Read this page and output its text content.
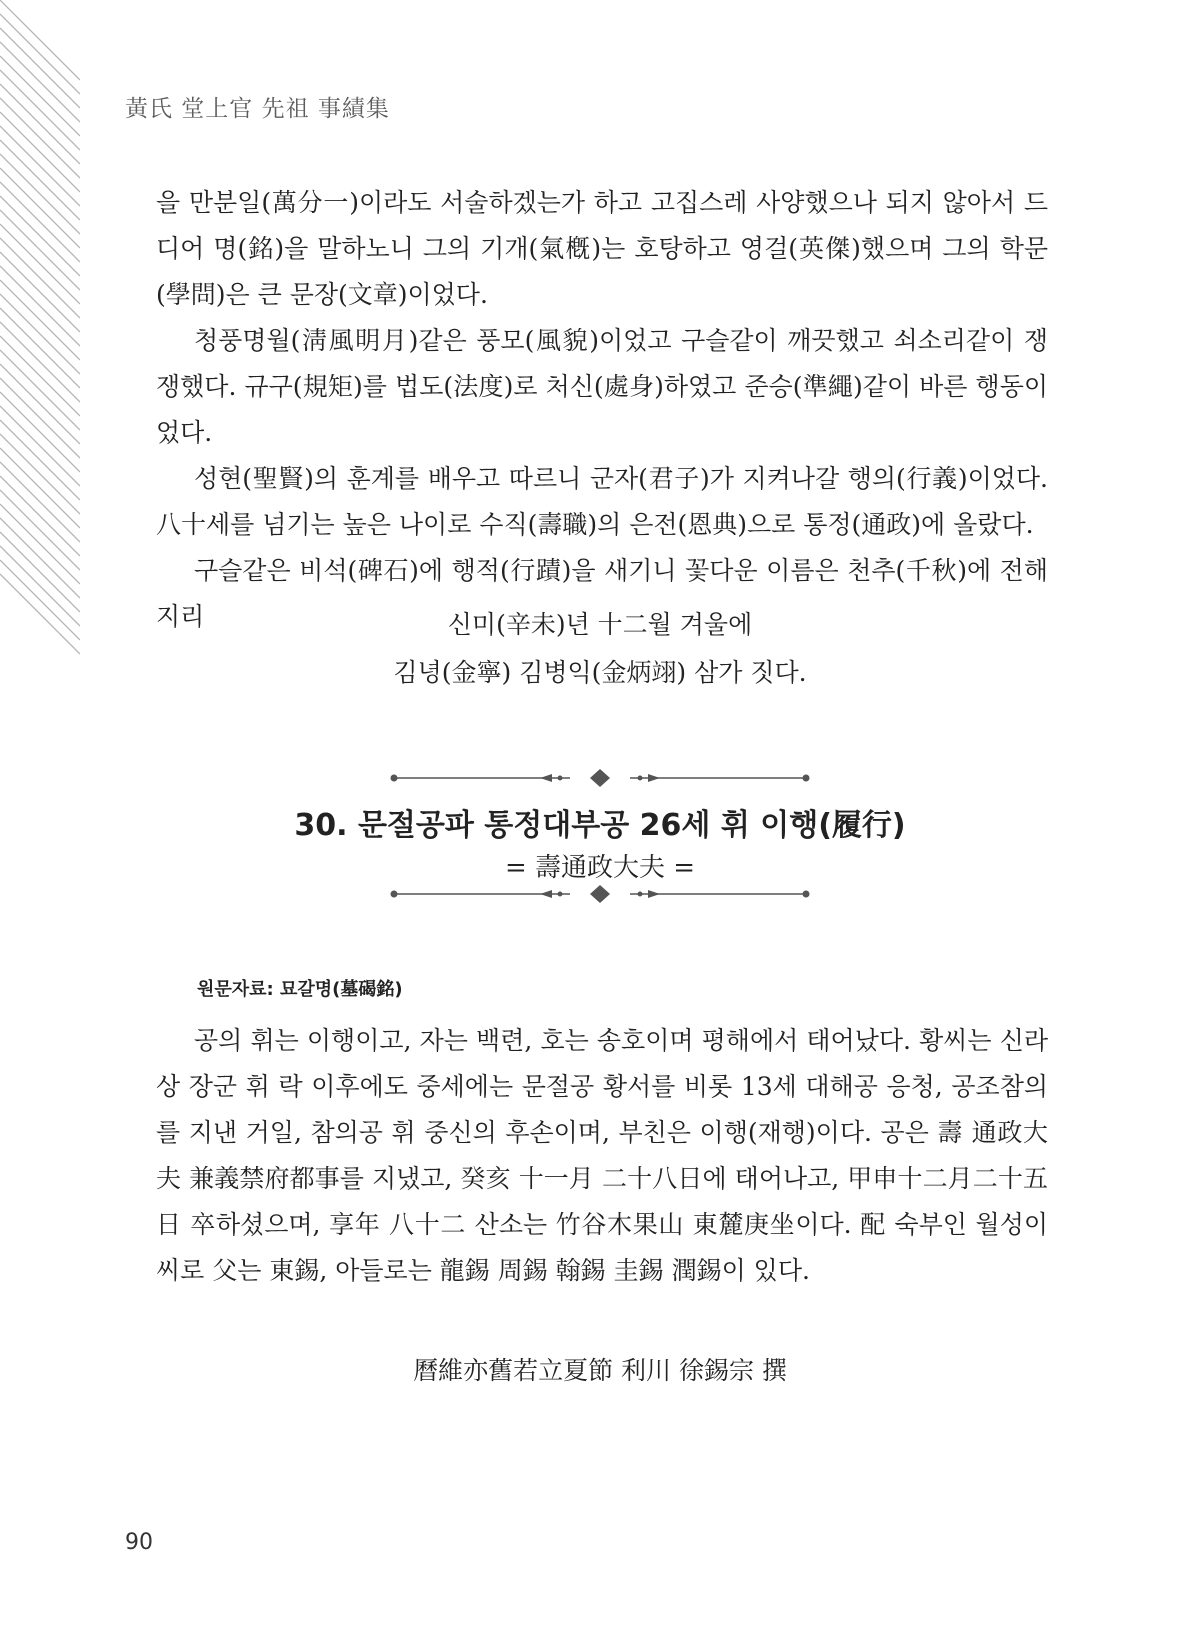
黃氏 堂上官 先祖 事績集

을 만분일(萬分一)이라도 서술하겠는가 하고 고집스레 사양했으나 되지 않아서 드디어 명(銘)을 말하노니 그의 기개(氣槪)는 호탕하고 영걸(英傑)했으며 그의 학문(學問)은 큰 문장(文章)이었다.

청풍명월(淸風明月)같은 풍모(風貌)이었고 구슬같이 깨끗했고 쇠소리같이 쟁쟁했다. 규구(規矩)를 법도(法度)로 처신(處身)하였고 준승(準繩)같이 바른 행동이었다.

성현(聖賢)의 훈계를 배우고 따르니 군자(君子)가 지켜나갈 행의(行義)이었다. 八十세를 넘기는 높은 나이로 수직(壽職)의 은전(恩典)으로 통정(通政)에 올랐다.

구슬같은 비석(碑石)에 행적(行蹟)을 새기니 꽃다운 이름은 천추(千秋)에 전해지리	신미(辛未)년 十二월 겨울에
김녕(金寧) 김병익(金炳翊) 삼가 짓다.
30. 문절공파 통정대부공 26세 휘 이행(履行)
= 壽通政大夫 =
원문자료: 묘갈명(墓碣銘)

공의 휘는 이행이고, 자는 백련, 호는 송호이며 평해에서 태어났다. 황씨는 신라상 장군 휘 락 이후에도 중세에는 문절공 황서를 비롯 13세 대해공 응청, 공조참의를 지낸 거일, 참의공 휘 중신의 후손이며, 부친은 이행(재행)이다. 공은 壽 通政大夫 兼義禁府都事를 지냈고, 癸亥 十一月 二十八日에 태어나고, 甲申十二月二十五日 卒하셨으며, 享年 八十二 산소는 竹谷木果山 東麓庚坐이다. 配 숙부인 월성이씨로 父는 東錫, 아들로는 龍錫 周錫 翰錫 圭錫 潤錫이 있다.

曆維亦舊若立夏節 利川 徐錫宗 撰
90
